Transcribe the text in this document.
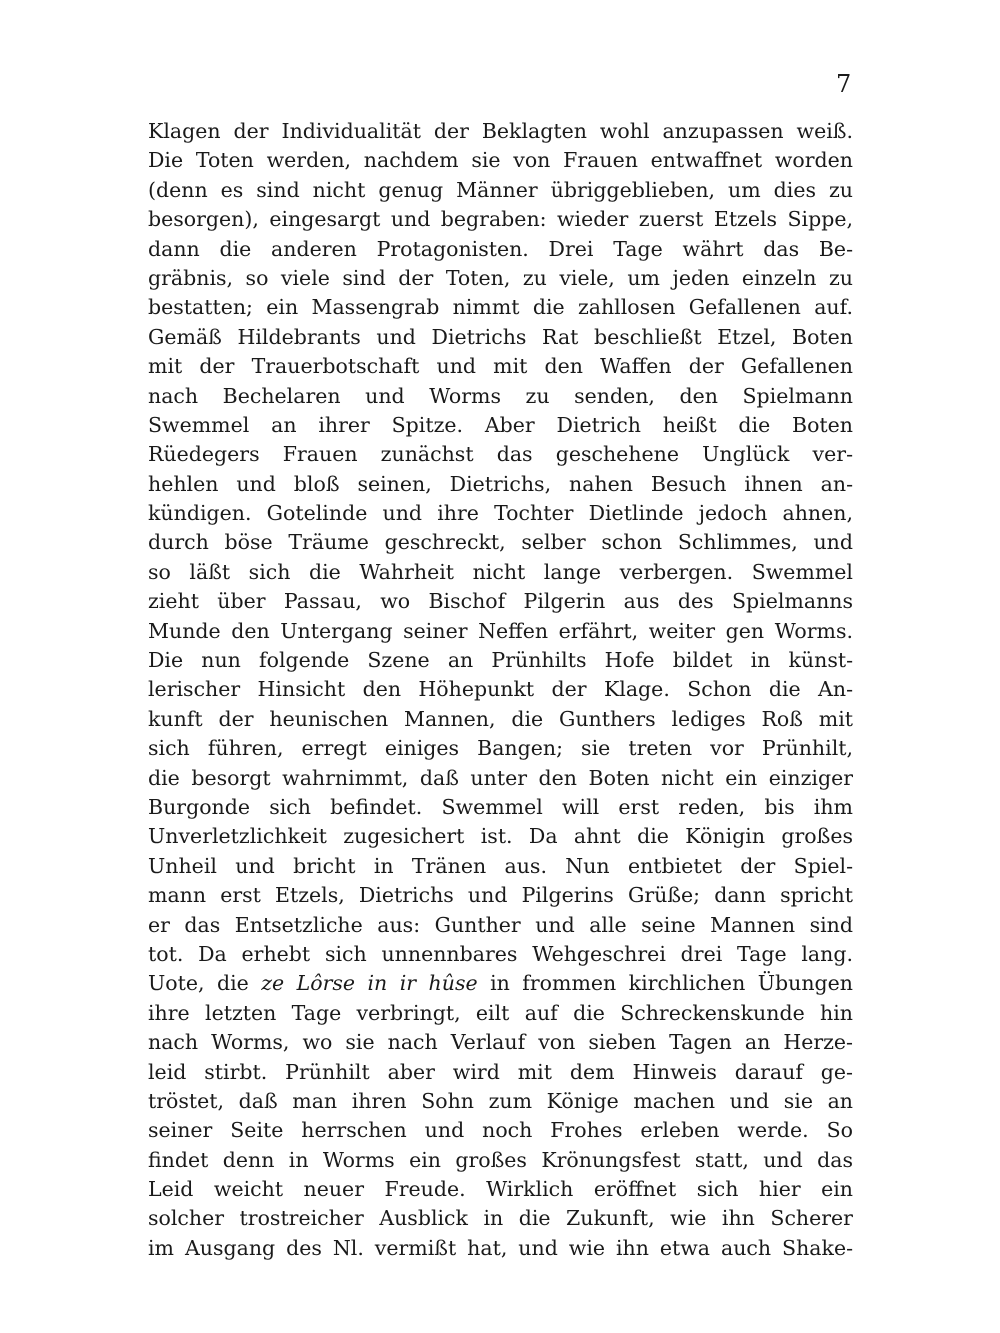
7
Klagen der Individualität der Beklagten wohl anzupassen weiß.
Die Toten werden, nachdem sie von Frauen entwaffnet worden
(denn es sind nicht genug Männer übriggeblieben, um dies zu
besorgen), eingesargt und begraben: wieder zuerst Etzels Sippe,
dann die anderen Protagonisten. Drei Tage währt das Be-
gräbnis, so viele sind der Toten, zu viele, um jeden einzeln zu
bestatten; ein Massengrab nimmt die zahllosen Gefallenen auf.
Gemäß Hildebrants und Dietrichs Rat beschließt Etzel, Boten
mit der Trauerbotschaft und mit den Waffen der Gefallenen
nach Bechelaren und Worms zu senden, den Spielmann
Swemmel an ihrer Spitze. Aber Dietrich heißt die Boten
Rüedegers Frauen zunächst das geschehene Unglück ver-
hehlen und bloß seinen, Dietrichs, nahen Besuch ihnen an-
kündigen. Gotelinde und ihre Tochter Dietlinde jedoch ahnen,
durch böse Träume geschreckt, selber schon Schlimmes, und
so läßt sich die Wahrheit nicht lange verbergen. Swemmel
zieht über Passau, wo Bischof Pilgerin aus des Spielmanns
Munde den Untergang seiner Neffen erfährt, weiter gen Worms.
Die nun folgende Szene an Prünhilts Hofe bildet in künst-
lerischer Hinsicht den Höhepunkt der Klage. Schon die An-
kunft der heunischen Mannen, die Gunthers lediges Roß mit
sich führen, erregt einiges Bangen; sie treten vor Prünhilt,
die besorgt wahrnimmt, daß unter den Boten nicht ein einziger
Burgonde sich befindet. Swemmel will erst reden, bis ihm
Unverletzlichkeit zugesichert ist. Da ahnt die Königin großes
Unheil und bricht in Tränen aus. Nun entbietet der Spiel-
mann erst Etzels, Dietrichs und Pilgerins Grüße; dann spricht
er das Entsetzliche aus: Gunther und alle seine Mannen sind
tot. Da erhebt sich unnennbares Wehgeschrei drei Tage lang.
Uote, die ze Lôrse in ir hûse in frommen kirchlichen Übungen
ihre letzten Tage verbringt, eilt auf die Schreckenskunde hin
nach Worms, wo sie nach Verlauf von sieben Tagen an Herze-
leid stirbt. Prünhilt aber wird mit dem Hinweis darauf ge-
tröstet, daß man ihren Sohn zum Könige machen und sie an
seiner Seite herrschen und noch Frohes erleben werde. So
findet denn in Worms ein großes Krönungsfest statt, und das
Leid weicht neuer Freude. Wirklich eröffnet sich hier ein
solcher trostreicher Ausblick in die Zukunft, wie ihn Scherer
im Ausgang des Nl. vermißt hat, und wie ihn etwa auch Shake-
